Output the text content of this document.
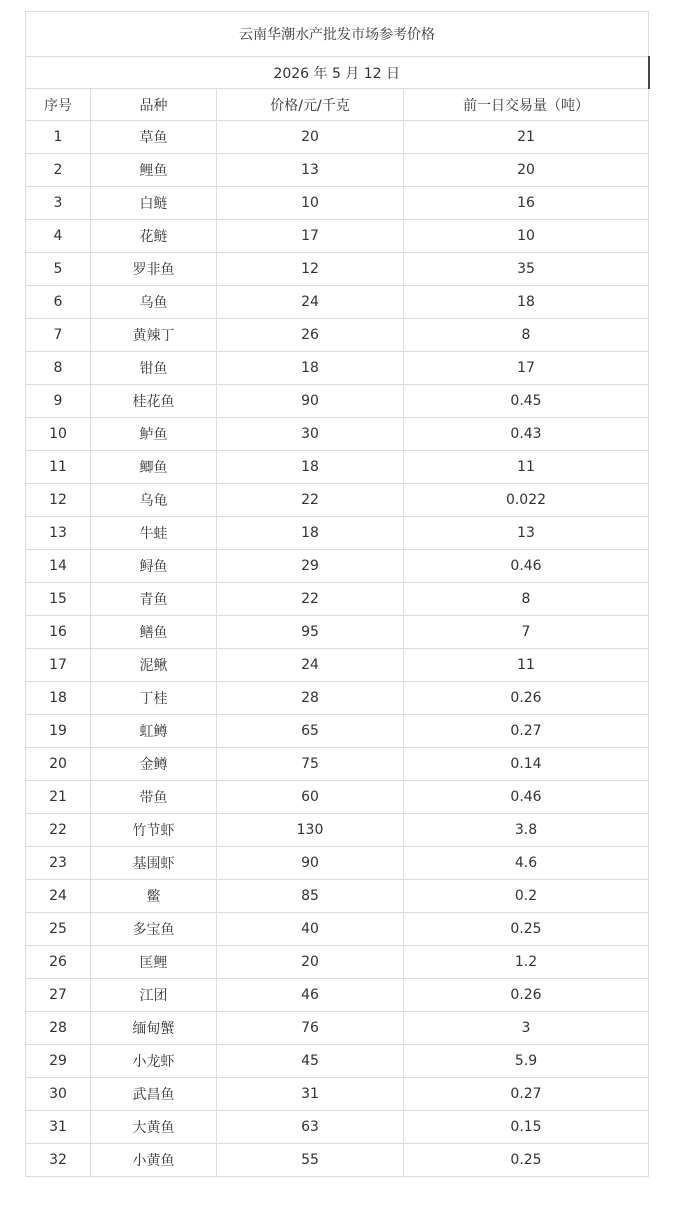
云南华潮水产批发市场参考价格			
2026 年 5 月 12 日			
序号	品种	价格/元/千克	前一日交易量（吨）
1	草鱼	20	21
2	鲤鱼	13	20
3	白鲢	10	16
4	花鲢	17	10
5	罗非鱼	12	35
6	乌鱼	24	18
7	黄辣丁	26	8
8	钳鱼	18	17
9	桂花鱼	90	0.45
10	鲈鱼	30	0.43
11	鲫鱼	18	11
12	乌龟	22	0.022
13	牛蛙	18	13
14	鲟鱼	29	0.46
15	青鱼	22	8
16	鳝鱼	95	7
17	泥鳅	24	11
18	丁桂	28	0.26
19	虹鳟	65	0.27
20	金鳟	75	0.14
21	带鱼	60	0.46
22	竹节虾	130	3.8
23	基围虾	90	4.6
24	鳖	85	0.2
25	多宝鱼	40	0.25
26	匡鲤	20	1.2
27	江团	46	0.26
28	缅甸蟹	76	3
29	小龙虾	45	5.9
30	武昌鱼	31	0.27
31	大黄鱼	63	0.15
32	小黄鱼	55	0.25
